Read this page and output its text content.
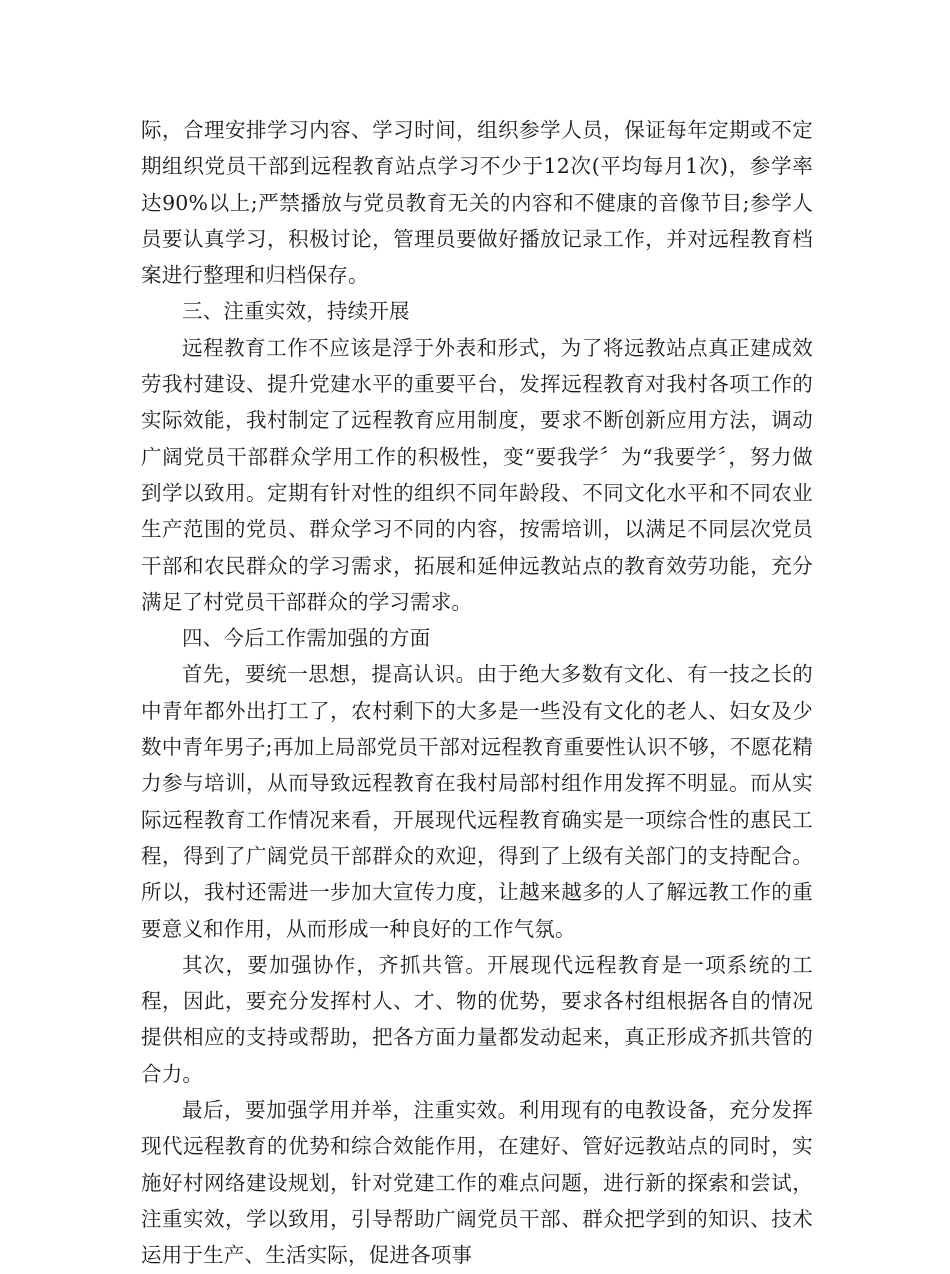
际，合理安排学习内容、学习时间，组织参学人员，保证每年定期或不定期组织党员干部到远程教育站点学习不少于12次(平均每月1次)，参学率达90%以上;严禁播放与党员教育无关的内容和不健康的音像节目;参学人员要认真学习，积极讨论，管理员要做好播放记录工作，并对远程教育档案进行整理和归档保存。

三、注重实效，持续开展

远程教育工作不应该是浮于外表和形式，为了将远教站点真正建成效劳我村建设、提升党建水平的重要平台，发挥远程教育对我村各项工作的实际效能，我村制定了远程教育应用制度，要求不断创新应用方法，调动广阔党员干部群众学用工作的积极性，变“要我学〞为“我要学〞，努力做到学以致用。定期有针对性的组织不同年龄段、不同文化水平和不同农业生产范围的党员、群众学习不同的内容，按需培训，以满足不同层次党员干部和农民群众的学习需求，拓展和延伸远教站点的教育效劳功能，充分满足了村党员干部群众的学习需求。

四、今后工作需加强的方面

首先，要统一思想，提高认识。由于绝大多数有文化、有一技之长的中青年都外出打工了，农村剩下的大多是一些没有文化的老人、妇女及少数中青年男子;再加上局部党员干部对远程教育重要性认识不够，不愿花精力参与培训，从而导致远程教育在我村局部村组作用发挥不明显。而从实际远程教育工作情况来看，开展现代远程教育确实是一项综合性的惠民工程，得到了广阔党员干部群众的欢迎，得到了上级有关部门的支持配合。所以，我村还需进一步加大宣传力度，让越来越多的人了解远教工作的重要意义和作用，从而形成一种良好的工作气氛。

其次，要加强协作，齐抓共管。开展现代远程教育是一项系统的工程，因此，要充分发挥村人、才、物的优势，要求各村组根据各自的情况提供相应的支持或帮助，把各方面力量都发动起来，真正形成齐抓共管的合力。

最后，要加强学用并举，注重实效。利用现有的电教设备，充分发挥现代远程教育的优势和综合效能作用，在建好、管好远教站点的同时，实施好村网络建设规划，针对党建工作的难点问题，进行新的探索和尝试，注重实效，学以致用，引导帮助广阔党员干部、群众把学到的知识、技术运用于生产、生活实际，促进各项事
